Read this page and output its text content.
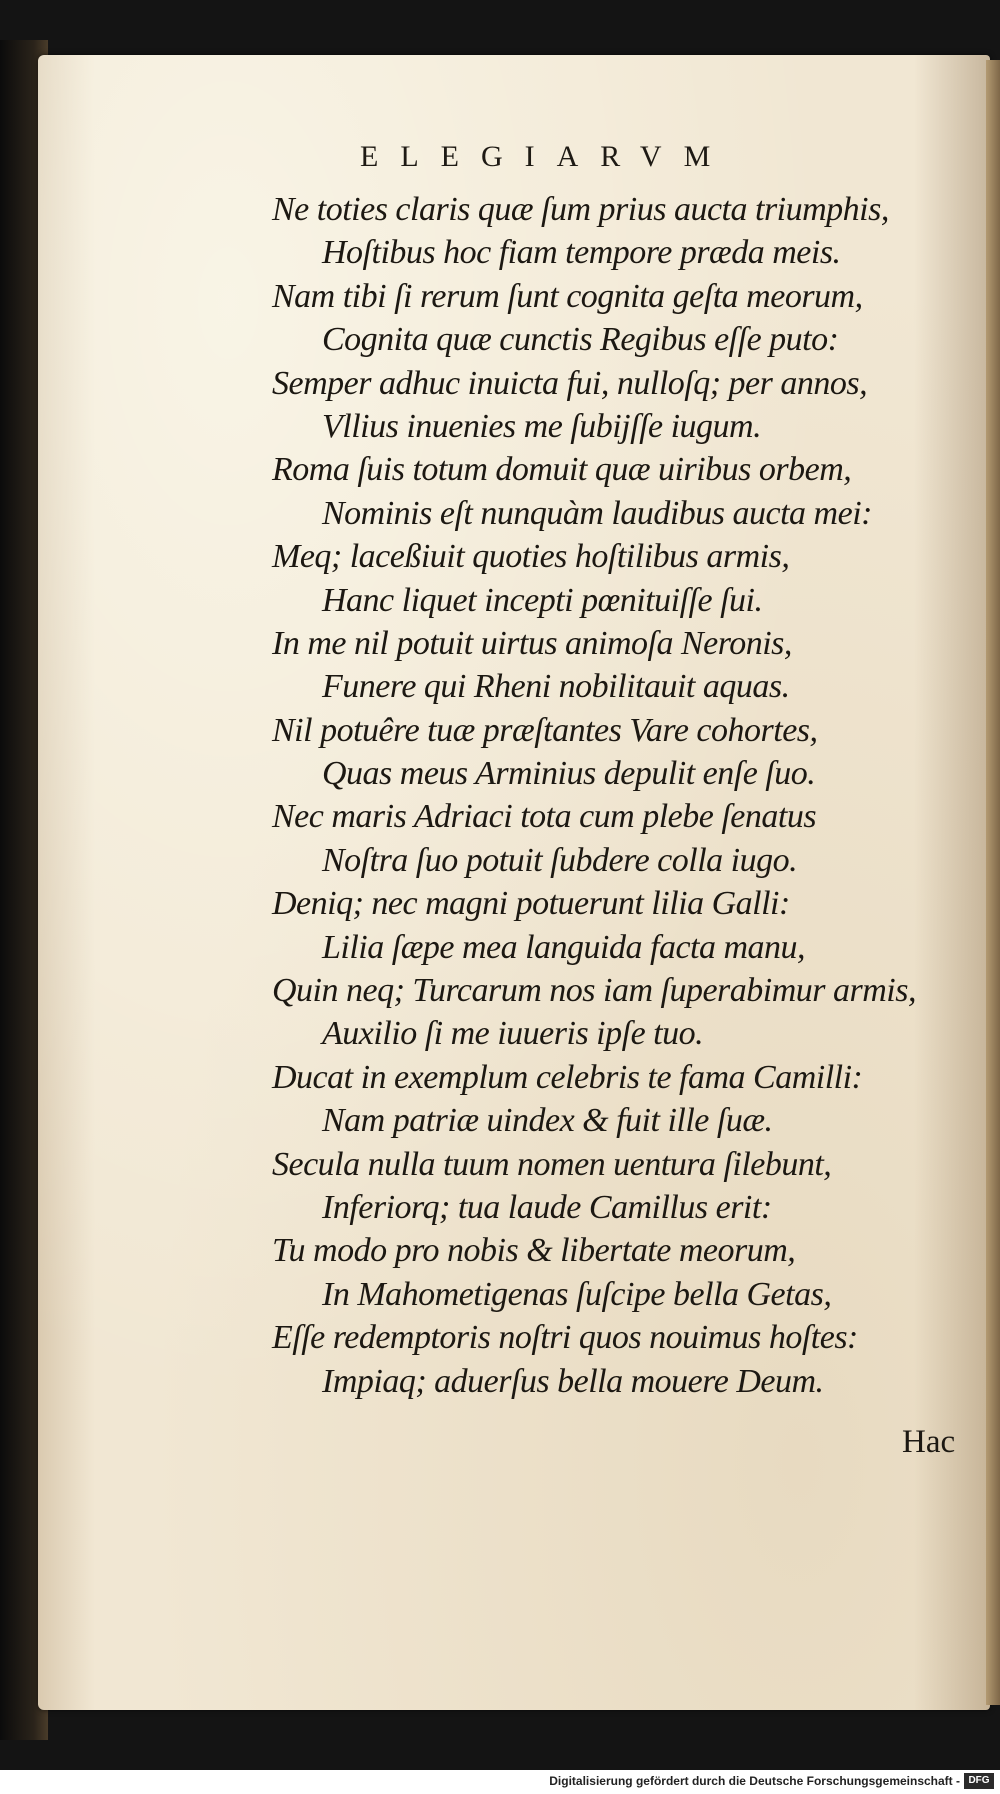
ELEGIARVM
Ne toties claris quæ ſum prius aucta triumphis,
Hoſtibus hoc fiam tempore præda meis.
Nam tibi ſi rerum ſunt cognita geſta meorum,
Cognita quæ cunctis Regibus eſſe puto:
Semper adhuc inuicta fui, nulloſq; per annos,
Vllius inuenies me ſubijſſe iugum.
Roma ſuis totum domuit quæ uiribus orbem,
Nominis eſt nunquàm laudibus aucta mei:
Meq; laceßiuit quoties hoſtilibus armis,
Hanc liquet incepti pœnituiſſe ſui.
In me nil potuit uirtus animoſa Neronis,
Funere qui Rheni nobilitauit aquas.
Nil potuêre tuæ præſtantes Vare cohortes,
Quas meus Arminius depulit enſe ſuo.
Nec maris Adriaci tota cum plebe ſenatus
Noſtra ſuo potuit ſubdere colla iugo.
Deniq; nec magni potuerunt lilia Galli:
Lilia ſæpe mea languida facta manu,
Quin neq; Turcarum nos iam ſuperabimur armis,
Auxilio ſi me iuueris ipſe tuo.
Ducat in exemplum celebris te fama Camilli:
Nam patriæ uindex & fuit ille ſuæ.
Secula nulla tuum nomen uentura ſilebunt,
Inferiorq; tua laude Camillus erit:
Tu modo pro nobis & libertate meorum,
In Mahometigenas ſuſcipe bella Getas,
Eſſe redemptoris noſtri quos nouimus hoſtes:
Impiaq; aduerſus bella mouere Deum.
Hac
Digitalisierung gefördert durch die Deutsche Forschungsgemeinschaft - DFG
